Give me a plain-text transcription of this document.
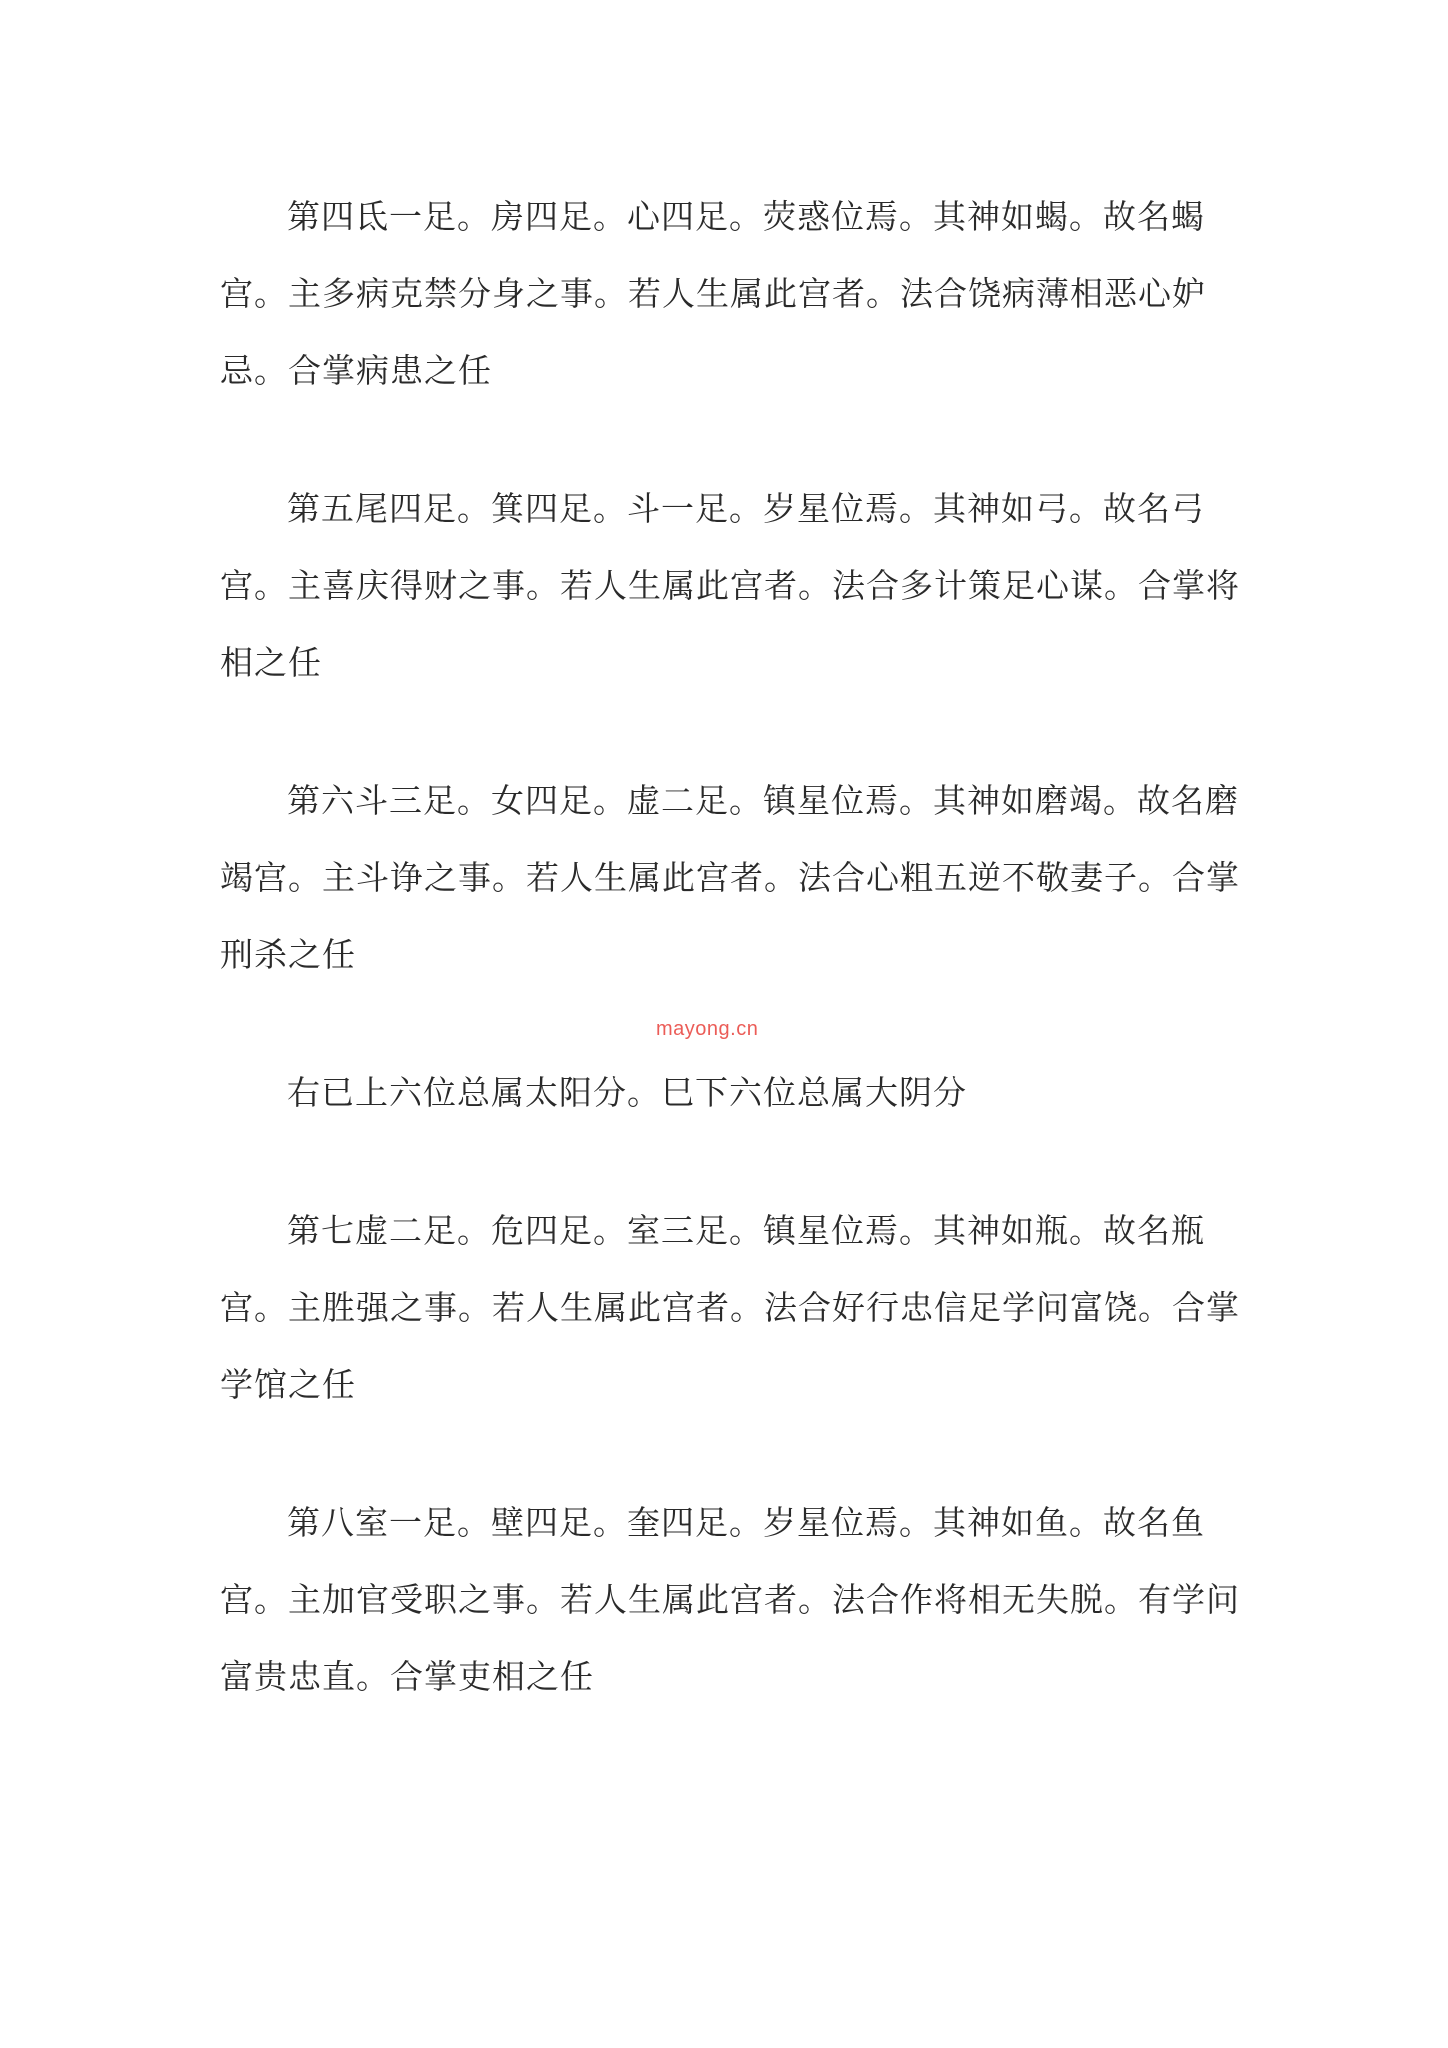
第四氐一足。房四足。心四足。荧惑位焉。其神如蝎。故名蝎宫。主多病克禁分身之事。若人生属此宫者。法合饶病薄相恶心妒忌。合掌病患之任

第五尾四足。箕四足。斗一足。岁星位焉。其神如弓。故名弓宫。主喜庆得财之事。若人生属此宫者。法合多计策足心谋。合掌将相之任

第六斗三足。女四足。虚二足。镇星位焉。其神如磨竭。故名磨竭宫。主斗诤之事。若人生属此宫者。法合心粗五逆不敬妻子。合掌刑杀之任

右已上六位总属太阳分。巳下六位总属大阴分

第七虚二足。危四足。室三足。镇星位焉。其神如瓶。故名瓶宫。主胜强之事。若人生属此宫者。法合好行忠信足学问富饶。合掌学馆之任

第八室一足。壁四足。奎四足。岁星位焉。其神如鱼。故名鱼宫。主加官受职之事。若人生属此宫者。法合作将相无失脱。有学问富贵忠直。合掌吏相之任

mayong.cn
